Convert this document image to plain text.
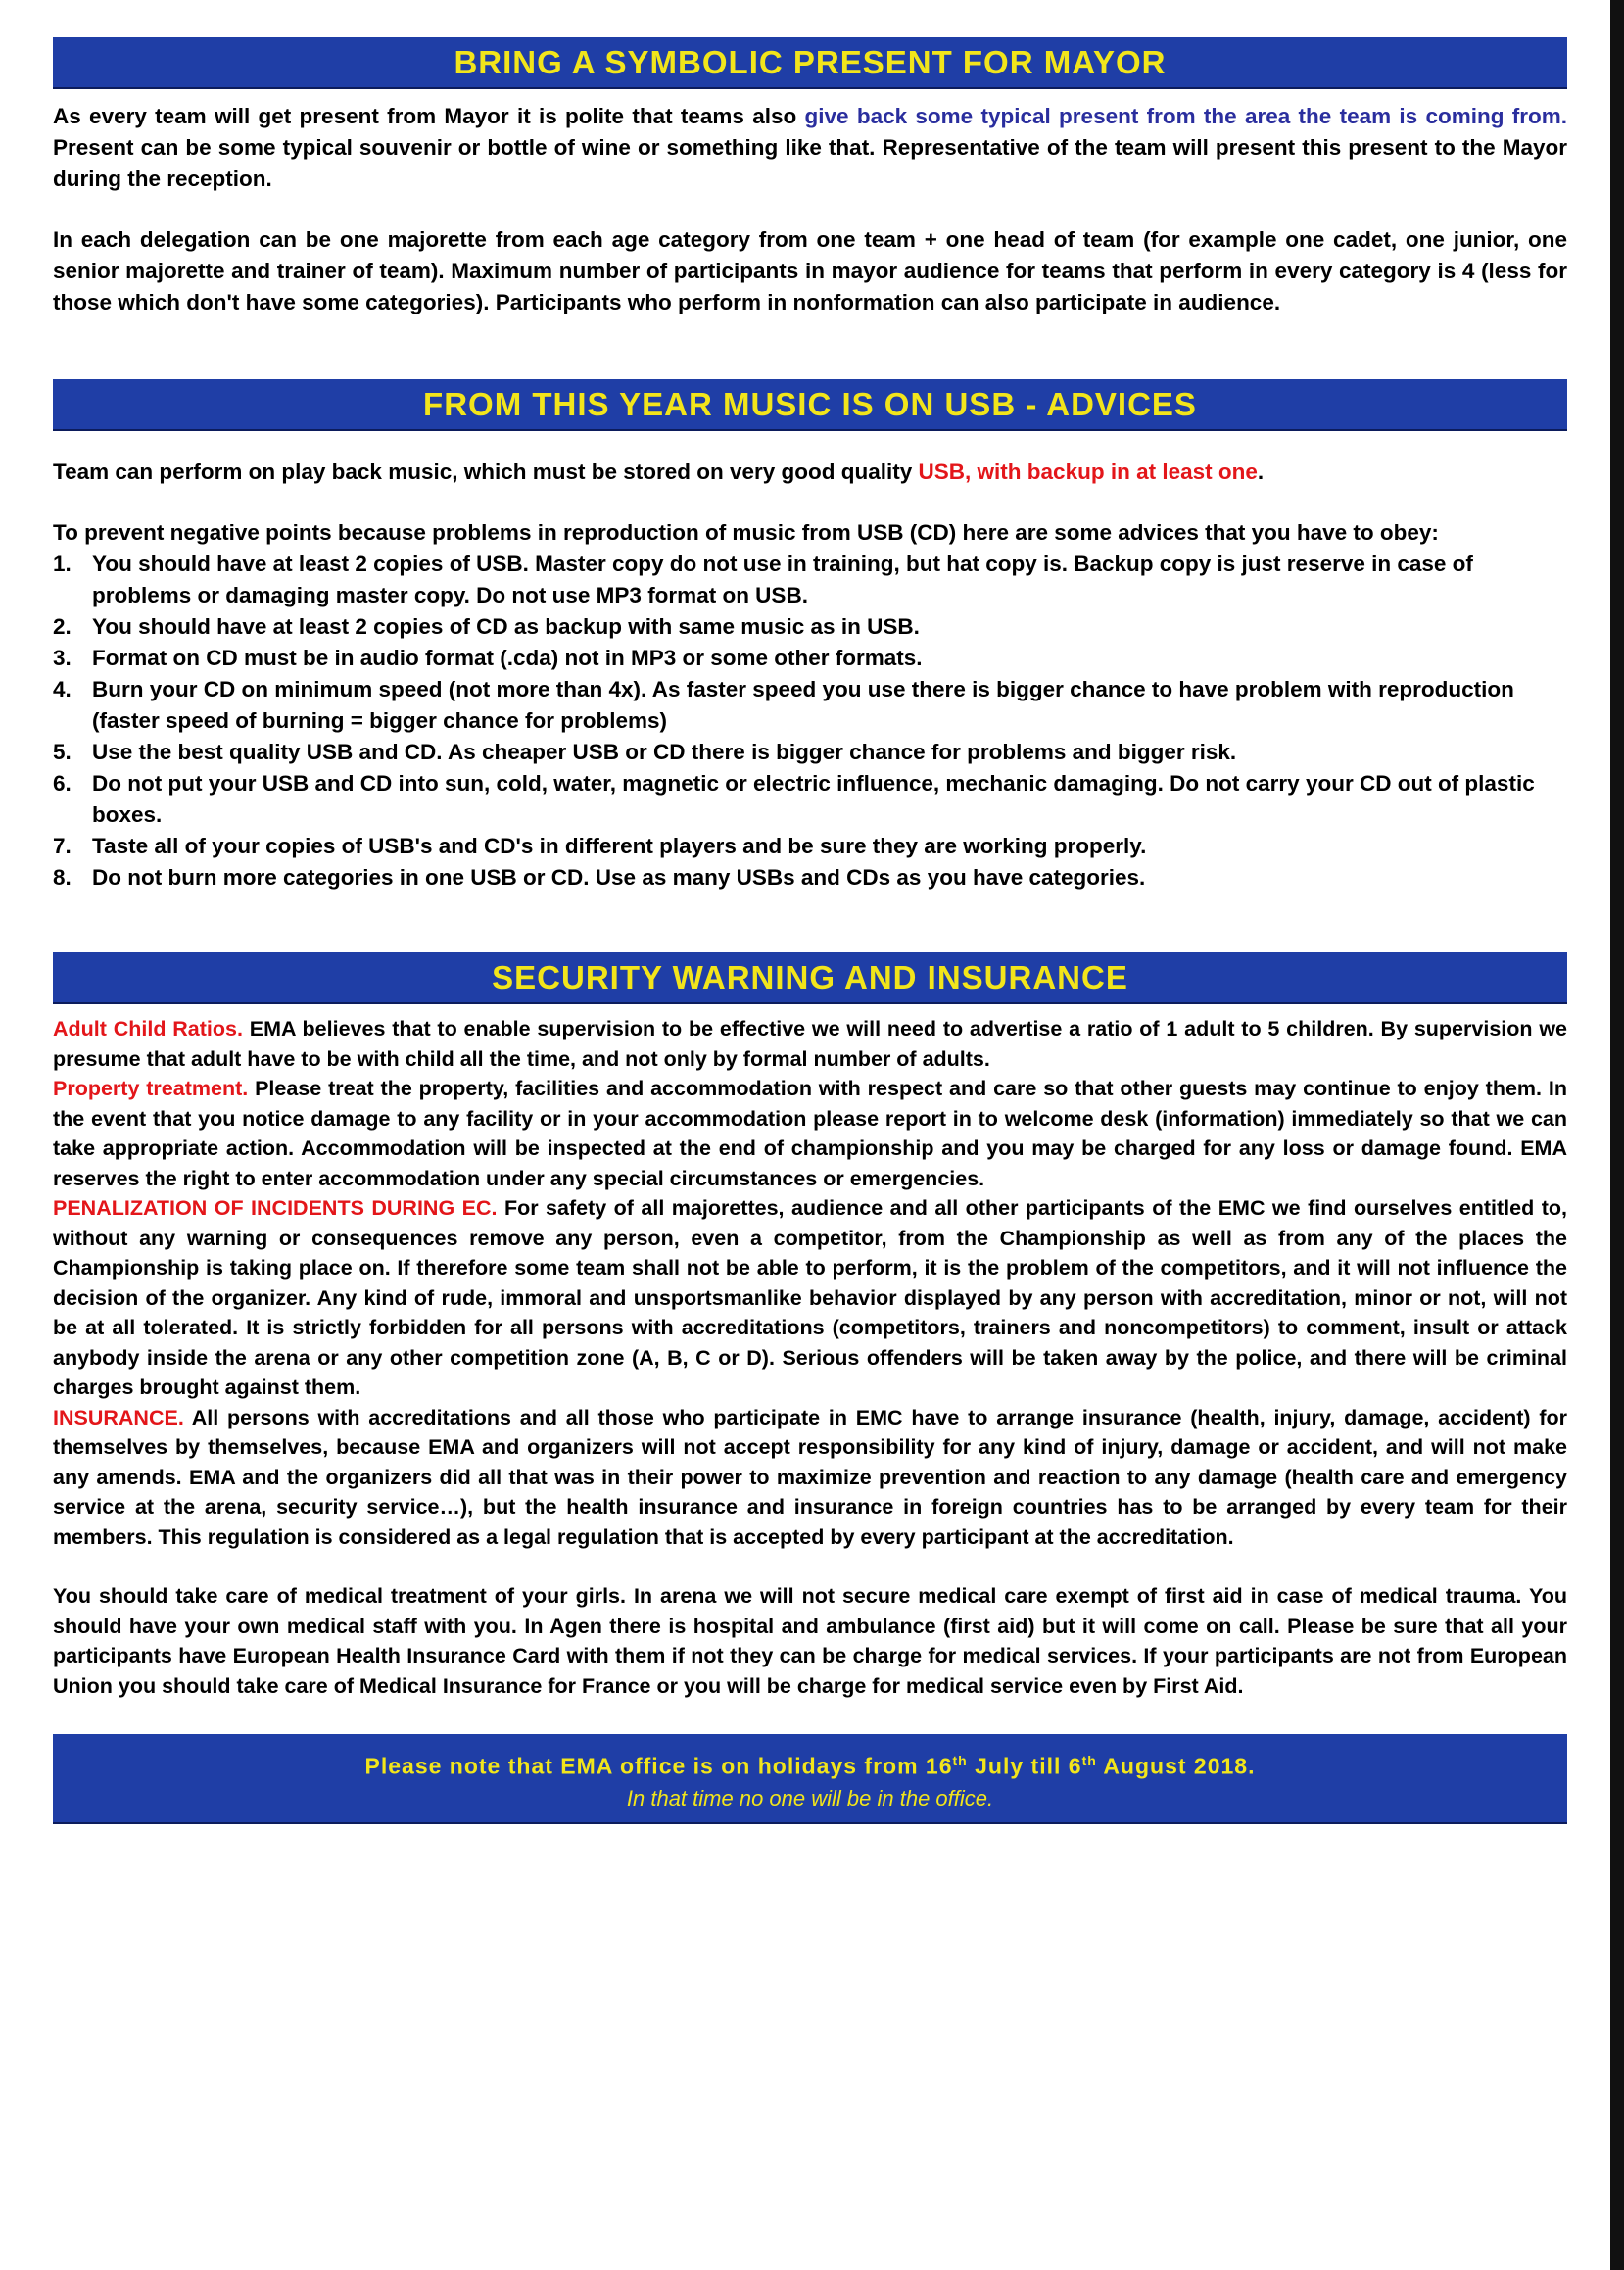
BRING A SYMBOLIC PRESENT FOR MAYOR

As every team will get present from Mayor it is polite that teams also give back some typical present from the area the team is coming from. Present can be some typical souvenir or bottle of wine or something like that. Representative of the team will present this present to the Mayor during the reception.

In each delegation can be one majorette from each age category from one team + one head of team (for example one cadet, one junior, one senior majorette and trainer of team). Maximum number of participants in mayor audience for teams that perform in every category is 4 (less for those which don't have some categories). Participants who perform in nonformation can also participate in audience.

FROM THIS YEAR MUSIC IS ON USB - ADVICES

Team can perform on play back music, which must be stored on very good quality USB, with backup in at least one.

To prevent negative points because problems in reproduction of music from USB (CD) here are some advices that you have to obey:

1. You should have at least 2 copies of USB. Master copy do not use in training, but hat copy is. Backup copy is just reserve in case of problems or damaging master copy. Do not use MP3 format on USB.
2. You should have at least 2 copies of CD as backup with same music as in USB.
3. Format on CD must be in audio format (.cda) not in MP3 or some other formats.
4. Burn your CD on minimum speed (not more than 4x). As faster speed you use there is bigger chance to have problem with reproduction (faster speed of burning = bigger chance for problems)
5. Use the best quality USB and CD. As cheaper USB or CD there is bigger chance for problems and bigger risk.
6. Do not put your USB and CD into sun, cold, water, magnetic or electric influence, mechanic damaging. Do not carry your CD out of plastic boxes.
7. Taste all of your copies of USB's and CD's in different players and be sure they are working properly.
8. Do not burn more categories in one USB or CD. Use as many USBs and CDs as you have categories.
SECURITY WARNING AND INSURANCE

Adult Child Ratios. EMA believes that to enable supervision to be effective we will need to advertise a ratio of 1 adult to 5 children. By supervision we presume that adult have to be with child all the time, and not only by formal number of adults.

Property treatment. Please treat the property, facilities and accommodation with respect and care so that other guests may continue to enjoy them. In the event that you notice damage to any facility or in your accommodation please report in to welcome desk (information) immediately so that we can take appropriate action. Accommodation will be inspected at the end of championship and you may be charged for any loss or damage found. EMA reserves the right to enter accommodation under any special circumstances or emergencies.

PENALIZATION OF INCIDENTS DURING EC. For safety of all majorettes, audience and all other participants of the EMC we find ourselves entitled to, without any warning or consequences remove any person, even a competitor, from the Championship as well as from any of the places the Championship is taking place on. If therefore some team shall not be able to perform, it is the problem of the competitors, and it will not influence the decision of the organizer. Any kind of rude, immoral and unsportsmanlike behavior displayed by any person with accreditation, minor or not, will not be at all tolerated. It is strictly forbidden for all persons with accreditations (competitors, trainers and noncompetitors) to comment, insult or attack anybody inside the arena or any other competition zone (A, B, C or D). Serious offenders will be taken away by the police, and there will be criminal charges brought against them.

INSURANCE. All persons with accreditations and all those who participate in EMC have to arrange insurance (health, injury, damage, accident) for themselves by themselves, because EMA and organizers will not accept responsibility for any kind of injury, damage or accident, and will not make any amends. EMA and the organizers did all that was in their power to maximize prevention and reaction to any damage (health care and emergency service at the arena, security service…), but the health insurance and insurance in foreign countries has to be arranged by every team for their members. This regulation is considered as a legal regulation that is accepted by every participant at the accreditation.

You should take care of medical treatment of your girls. In arena we will not secure medical care exempt of first aid in case of medical trauma. You should have your own medical staff with you. In Agen there is hospital and ambulance (first aid) but it will come on call. Please be sure that all your participants have European Health Insurance Card with them if not they can be charge for medical services. If your participants are not from European Union you should take care of Medical Insurance for France or you will be charge for medical service even by First Aid.

Please note that EMA office is on holidays from 16th July till 6th August 2018.
In that time no one will be in the office.
